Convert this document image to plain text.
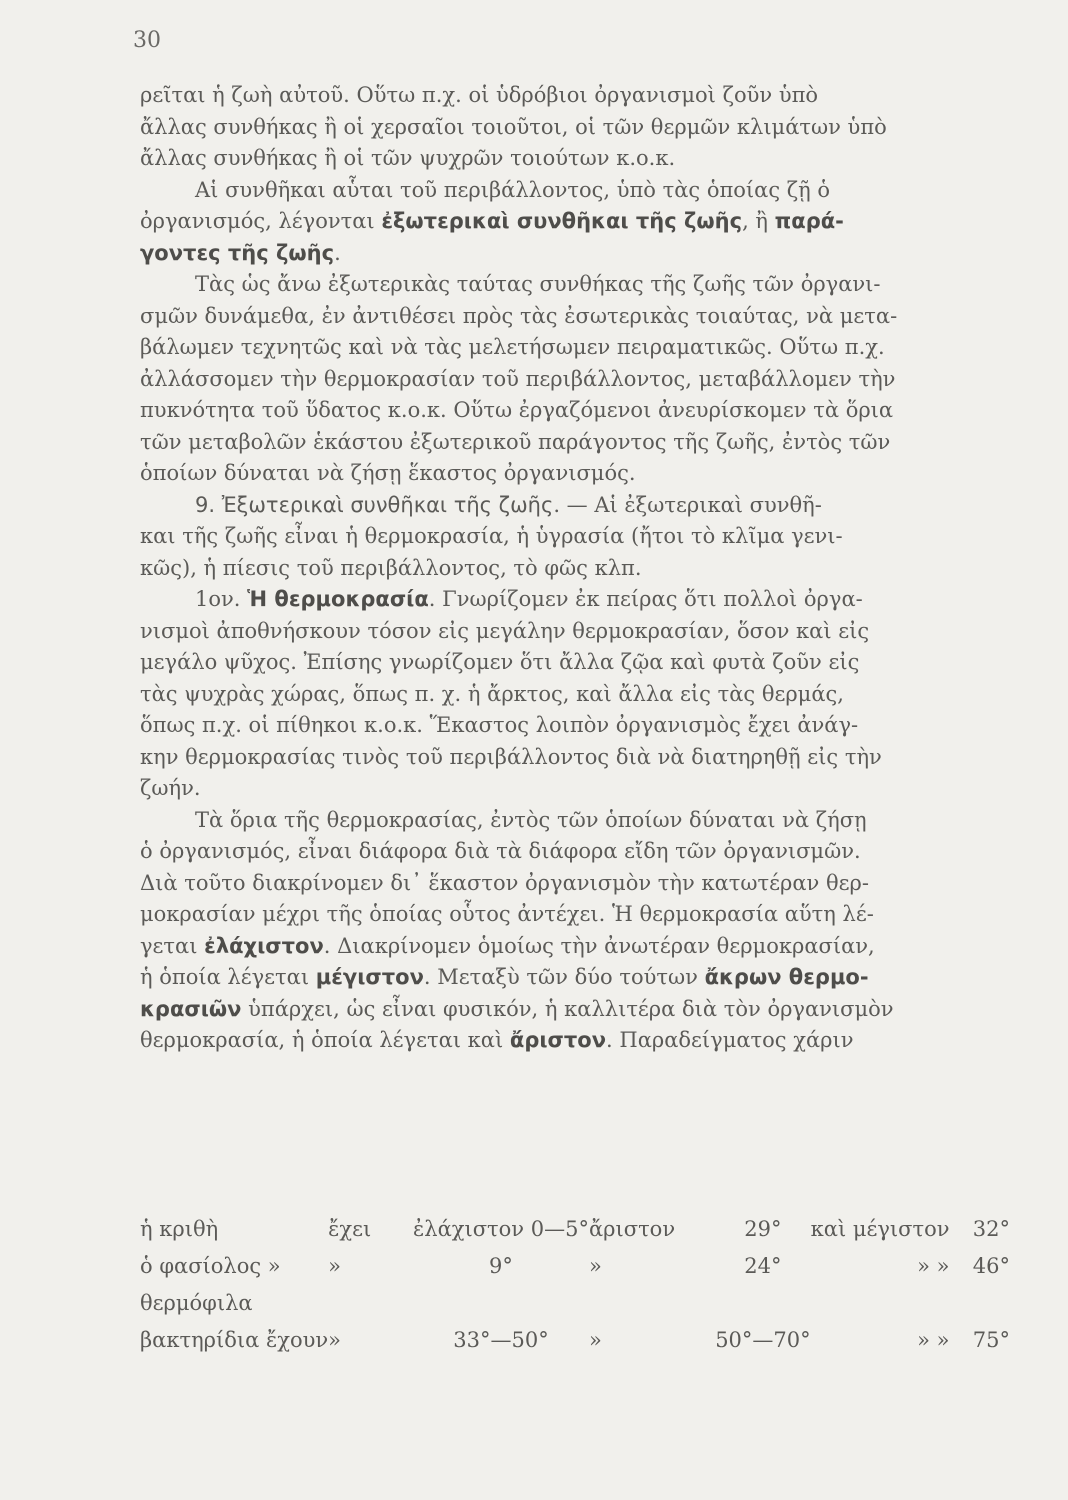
30
ρεῖται ἡ ζωὴ αὐτοῦ. Οὕτω π.χ. οἱ ὑδρόβιοι ὀργανισμοὶ ζοῦν ὑπὸ
ἄλλας συνθήκας ἢ οἱ χερσαῖοι τοιοῦτοι, οἱ τῶν θερμῶν κλιμάτων ὑπὸ
ἄλλας συνθήκας ἢ οἱ τῶν ψυχρῶν τοιούτων κ.ο.κ.
Αἱ συνθῆκαι αὗται τοῦ περιβάλλοντος, ὑπὸ τὰς ὁποίας ζῇ ὁ
ὀργανισμός, λέγονται ἐξωτερικαὶ συνθῆκαι τῆς ζωῆς, ἢ παρά-
γοντες τῆς ζωῆς.
Τὰς ὡς ἄνω ἐξωτερικὰς ταύτας συνθήκας τῆς ζωῆς τῶν ὀργανι-
σμῶν δυνάμεθα, ἐν ἀντιθέσει πρὸς τὰς ἐσωτερικὰς τοιαύτας, νὰ μετα-
βάλωμεν τεχνητῶς καὶ νὰ τὰς μελετήσωμεν πειραματικῶς. Οὕτω π.χ.
ἀλλάσσομεν τὴν θερμοκρασίαν τοῦ περιβάλλοντος, μεταβάλλομεν τὴν
πυκνότητα τοῦ ὕδατος κ.ο.κ. Οὕτω ἐργαζόμενοι ἀνευρίσκομεν τὰ ὅρια
τῶν μεταβολῶν ἑκάστου ἐξωτερικοῦ παράγοντος τῆς ζωῆς, ἐντὸς τῶν
ὁποίων δύναται νὰ ζήσῃ ἕκαστος ὀργανισμός.
9. Ἐξωτερικαὶ συνθῆκαι τῆς ζωῆς. — Αἱ ἐξωτερικαὶ συνθῆ-
και τῆς ζωῆς εἶναι ἡ θερμοκρασία, ἡ ὑγρασία (ἤτοι τὸ κλῖμα γενι-
κῶς), ἡ πίεσις τοῦ περιβάλλοντος, τὸ φῶς κλπ.
1ον. Ἡ θερμοκρασία. Γνωρίζομεν ἐκ πείρας ὅτι πολλοὶ ὀργα-
νισμοὶ ἀποθνήσκουν τόσον εἰς μεγάλην θερμοκρασίαν, ὅσον καὶ εἰς
μεγάλο ψῦχος. Ἐπίσης γνωρίζομεν ὅτι ἄλλα ζῷα καὶ φυτὰ ζοῦν εἰς
τὰς ψυχρὰς χώρας, ὅπως π. χ. ἡ ἄρκτος, καὶ ἄλλα εἰς τὰς θερμάς,
ὅπως π.χ. οἱ πίθηκοι κ.ο.κ. Ἕκαστος λοιπὸν ὀργανισμὸς ἔχει ἀνάγ-
κην θερμοκρασίας τινὸς τοῦ περιβάλλοντος διὰ νὰ διατηρηθῇ εἰς τὴν
ζωήν.
Τὰ ὅρια τῆς θερμοκρασίας, ἐντὸς τῶν ὁποίων δύναται νὰ ζήσῃ
ὁ ὀργανισμός, εἶναι διάφορα διὰ τὰ διάφορα εἴδη τῶν ὀργανισμῶν.
Διὰ τοῦτο διακρίνομεν δι᾿ ἕκαστον ὀργανισμὸν τὴν κατωτέραν θερ-
μοκρασίαν μέχρι τῆς ὁποίας οὗτος ἀντέχει. Ἡ θερμοκρασία αὕτη λέ-
γεται ἐλάχιστον. Διακρίνομεν ὁμοίως τὴν ἀνωτέραν θερμοκρασίαν,
ἡ ὁποία λέγεται μέγιστον. Μεταξὺ τῶν δύο τούτων ἄκρων θερμο-
κρασιῶν ὑπάρχει, ὡς εἶναι φυσικόν, ἡ καλλιτέρα διὰ τὸν ὀργανισμὸν
θερμοκρασία, ἡ ὁποία λέγεται καὶ ἄριστον. Παραδείγματος χάριν
ἡ κριθὴ	ἔχει	ἐλάχιστον 0—5°	ἄριστον	29°	καὶ μέγιστον	32°
ὁ φασίολος »	»	9°	»	24°	» »	46°
θερμόφιλα						
βακτηρίδια ἔχουν	»	33°—50°	»	50°—70°	» »	75°
